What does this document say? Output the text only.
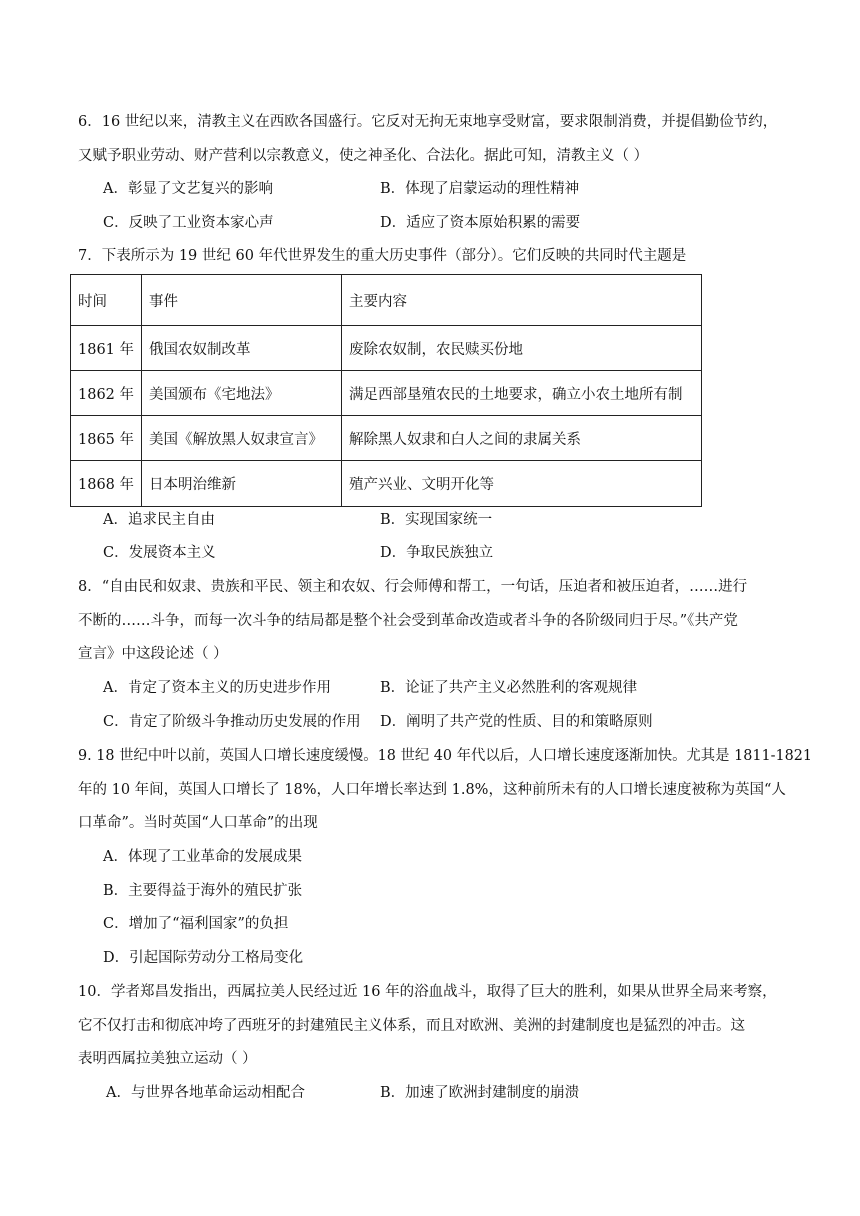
6．16 世纪以来，清教主义在西欧各国盛行。它反对无拘无束地享受财富，要求限制消费，并提倡勤俭节约，
又赋予职业劳动、财产营利以宗教意义，使之神圣化、合法化。据此可知，清教主义（ ）
A．彰显了文艺复兴的影响	B．体现了启蒙运动的理性精神
C．反映了工业资本家心声	D．适应了资本原始积累的需要
7．下表所示为 19 世纪 60 年代世界发生的重大历史事件（部分）。它们反映的共同时代主题是
时间	事件	主要内容
1861 年	俄国农奴制改革	废除农奴制，农民赎买份地
1862 年	美国颁布《宅地法》	满足西部垦殖农民的土地要求，确立小农土地所有制
1865 年	美国《解放黑人奴隶宣言》	解除黑人奴隶和白人之间的隶属关系
1868 年	日本明治维新	殖产兴业、文明开化等
A．追求民主自由	B．实现国家统一
C．发展资本主义	D．争取民族独立
8．“自由民和奴隶、贵族和平民、领主和农奴、行会师傅和帮工，一句话，压迫者和被压迫者，……进行
不断的……斗争，而每一次斗争的结局都是整个社会受到革命改造或者斗争的各阶级同归于尽。”《共产党
宣言》中这段论述（ ）
A．肯定了资本主义的历史进步作用	B．论证了共产主义必然胜利的客观规律
C．肯定了阶级斗争推动历史发展的作用 D．阐明了共产党的性质、目的和策略原则
9. 18 世纪中叶以前，英国人口增长速度缓慢。18 世纪 40 年代以后，人口增长速度逐渐加快。尤其是 1811-1821
年的 10 年间，英国人口增长了 18%，人口年增长率达到 1.8%，这种前所未有的人口增长速度被称为英国“人
口革命”。当时英国“人口革命”的出现
A．体现了工业革命的发展成果
B．主要得益于海外的殖民扩张
C．增加了“福利国家”的负担
D．引起国际劳动分工格局变化
10．学者郑昌发指出，西属拉美人民经过近 16 年的浴血战斗，取得了巨大的胜利，如果从世界全局来考察，
它不仅打击和彻底冲垮了西班牙的封建殖民主义体系，而且对欧洲、美洲的封建制度也是猛烈的冲击。这
表明西属拉美独立运动（ ）
A．与世界各地革命运动相配合	B．加速了欧洲封建制度的崩溃
